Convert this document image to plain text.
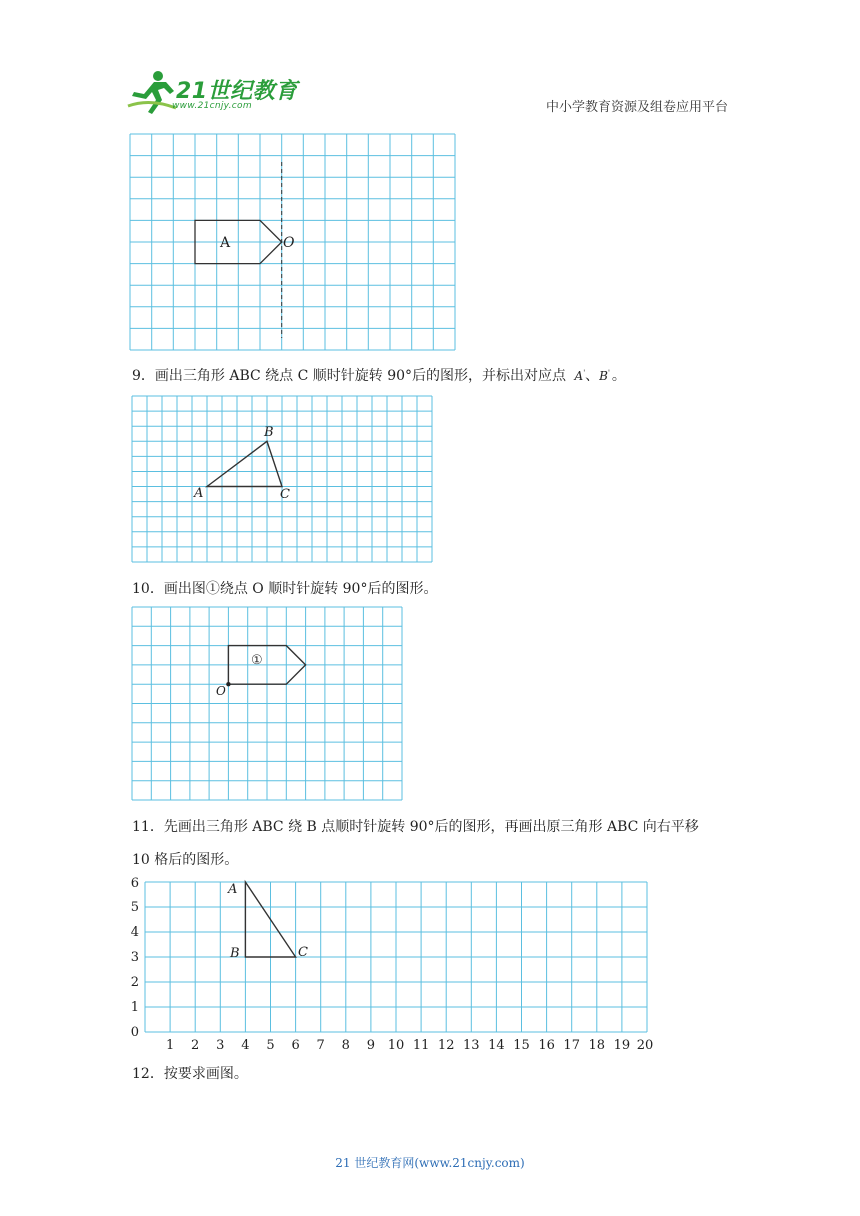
21世纪教育
www.21cnjy.com	中小学教育资源及组卷应用平台
A	O
9．画出三角形 ABC 绕点 C 顺时针旋转 90°后的图形，并标出对应点 A'、B' 。
A
B
C
10．画出图①绕点 O 顺时针旋转 90°后的图形。
①
O
11．先画出三角形 ABC 绕 B 点顺时针旋转 90°后的图形，再画出原三角形 ABC 向右平移
10 格后的图形。
1 2 3 4 5 6 7 8 9 10 11 12 13 14 15 16 17 18 19 20
0
1
2
3
4
5
6	A
B	C
12．按要求画图。
21 世纪教育网(www.21cnjy.com)
